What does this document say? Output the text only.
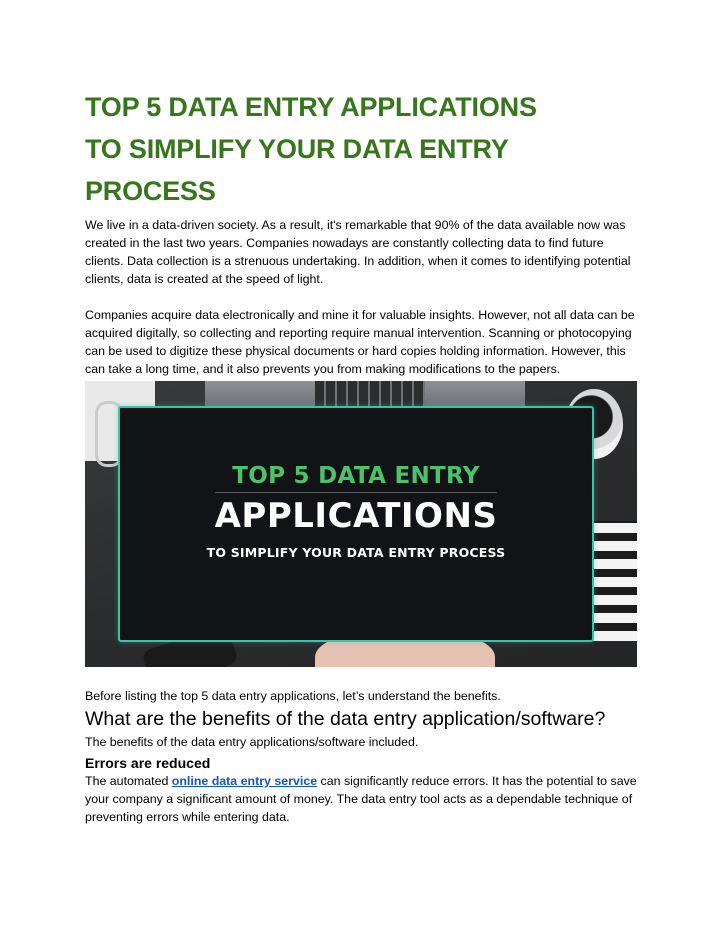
TOP 5 DATA ENTRY APPLICATIONS
TO SIMPLIFY YOUR DATA ENTRY
PROCESS

We live in a data-driven society. As a result, it's remarkable that 90% of the data available now was created in the last two years. Companies nowadays are constantly collecting data to find future clients. Data collection is a strenuous undertaking. In addition, when it comes to identifying potential clients, data is created at the speed of light.

Companies acquire data electronically and mine it for valuable insights. However, not all data can be acquired digitally, so collecting and reporting require manual intervention. Scanning or photocopying can be used to digitize these physical documents or hard copies holding information. However, this can take a long time, and it also prevents you from making modifications to the papers.

TOP 5 DATA ENTRY
APPLICATIONS
TO SIMPLIFY YOUR DATA ENTRY PROCESS

Before listing the top 5 data entry applications, let’s understand the benefits.

What are the benefits of the data entry application/software?

The benefits of the data entry applications/software included.

Errors are reduced

The automated online data entry service can significantly reduce errors. It has the potential to save your company a significant amount of money. The data entry tool acts as a dependable technique of preventing errors while entering data.
